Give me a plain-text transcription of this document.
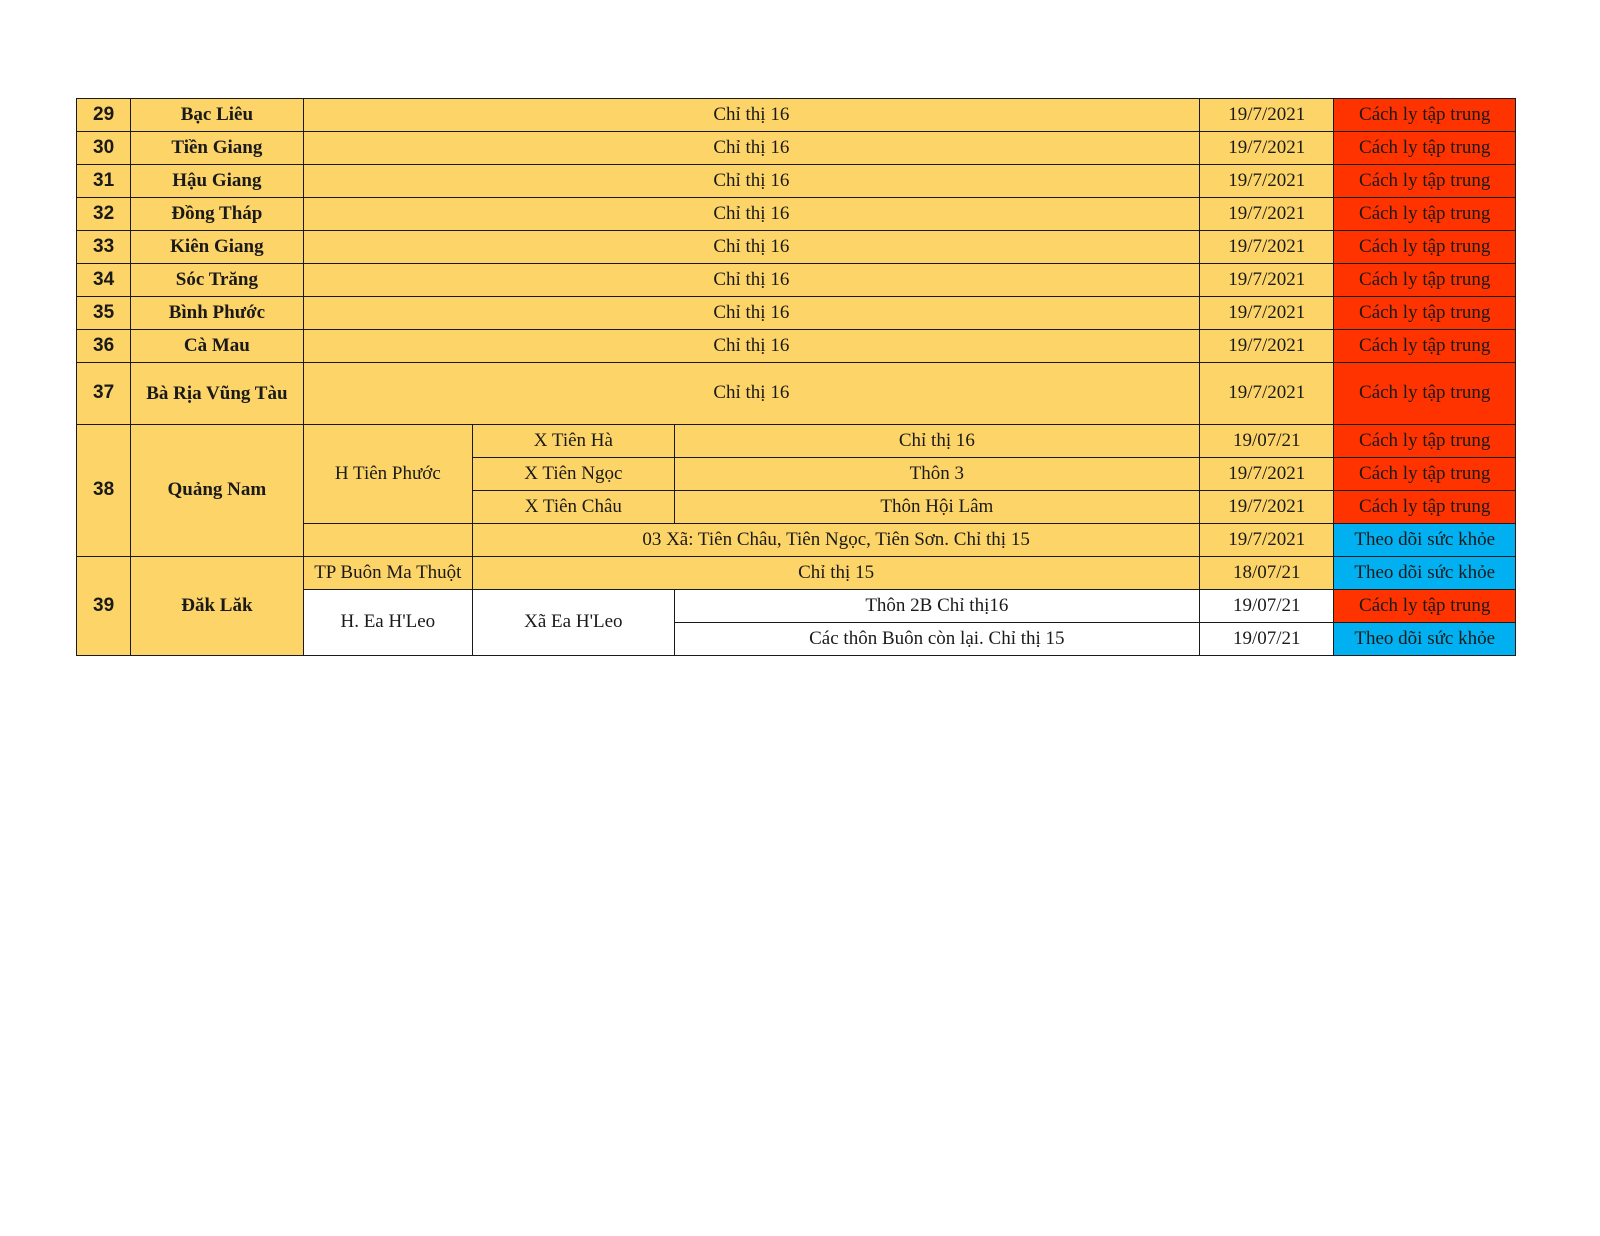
29	Bạc Liêu	Chỉ thị 16			19/7/2021	Cách ly tập trung
30	Tiền Giang	Chỉ thị 16			19/7/2021	Cách ly tập trung
31	Hậu Giang	Chỉ thị 16			19/7/2021	Cách ly tập trung
32	Đồng Tháp	Chỉ thị 16			19/7/2021	Cách ly tập trung
33	Kiên Giang	Chỉ thị 16			19/7/2021	Cách ly tập trung
34	Sóc Trăng	Chỉ thị 16			19/7/2021	Cách ly tập trung
35	Bình Phước	Chỉ thị 16			19/7/2021	Cách ly tập trung
36	Cà Mau	Chỉ thị 16			19/7/2021	Cách ly tập trung
37	Bà Rịa Vũng Tàu	Chỉ thị 16			19/7/2021	Cách ly tập trung
38	Quảng Nam	H Tiên Phước	X Tiên Hà	Chỉ thị 16	19/07/21	Cách ly tập trung
			X Tiên Ngọc	Thôn 3	19/7/2021	Cách ly tập trung
			X Tiên Châu	Thôn Hội Lâm	19/7/2021	Cách ly tập trung
			03 Xã: Tiên Châu, Tiên Ngọc, Tiên Sơn. Chỉ thị 15		19/7/2021	Theo dõi sức khỏe
39	Đăk Lăk	TP Buôn Ma Thuột	Chỉ thị 15		18/07/21	Theo dõi sức khỏe
		H. Ea H'Leo	Xã Ea H'Leo	Thôn 2B Chỉ thị16	19/07/21	Cách ly tập trung
				Các thôn Buôn còn lại. Chỉ thị 15	19/07/21	Theo dõi sức khỏe
